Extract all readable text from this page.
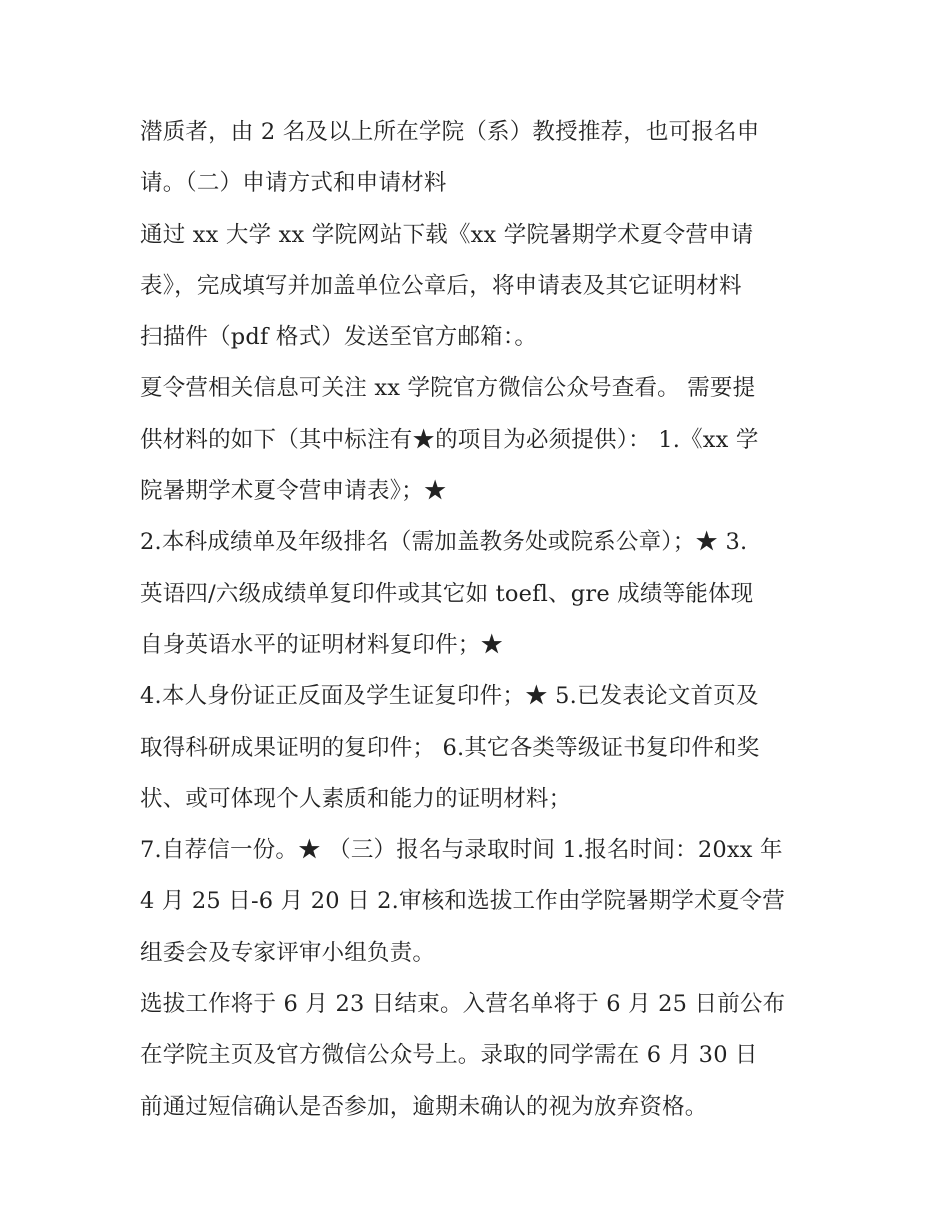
潜质者，由 2 名及以上所在学院（系）教授推荐，也可报名申
请。（二）申请方式和申请材料
通过 xx 大学 xx 学院网站下载《xx 学院暑期学术夏令营申请
表》，完成填写并加盖单位公章后，将申请表及其它证明材料
扫描件（pdf 格式）发送至官方邮箱：。
夏令营相关信息可关注 xx 学院官方微信公众号查看。 需要提
供材料的如下（其中标注有★的项目为必须提供）： 1.《xx 学
院暑期学术夏令营申请表》；★
2.本科成绩单及年级排名（需加盖教务处或院系公章）；★ 3.
英语四/六级成绩单复印件或其它如 toefl、gre 成绩等能体现
自身英语水平的证明材料复印件；★
4.本人身份证正反面及学生证复印件；★ 5.已发表论文首页及
取得科研成果证明的复印件； 6.其它各类等级证书复印件和奖
状、或可体现个人素质和能力的证明材料；
7.自荐信一份。★ （三）报名与录取时间 1.报名时间：20xx 年
4 月 25 日-6 月 20 日 2.审核和选拔工作由学院暑期学术夏令营
组委会及专家评审小组负责。
选拔工作将于 6 月 23 日结束。入营名单将于 6 月 25 日前公布
在学院主页及官方微信公众号上。录取的同学需在 6 月 30 日
前通过短信确认是否参加，逾期未确认的视为放弃资格。
